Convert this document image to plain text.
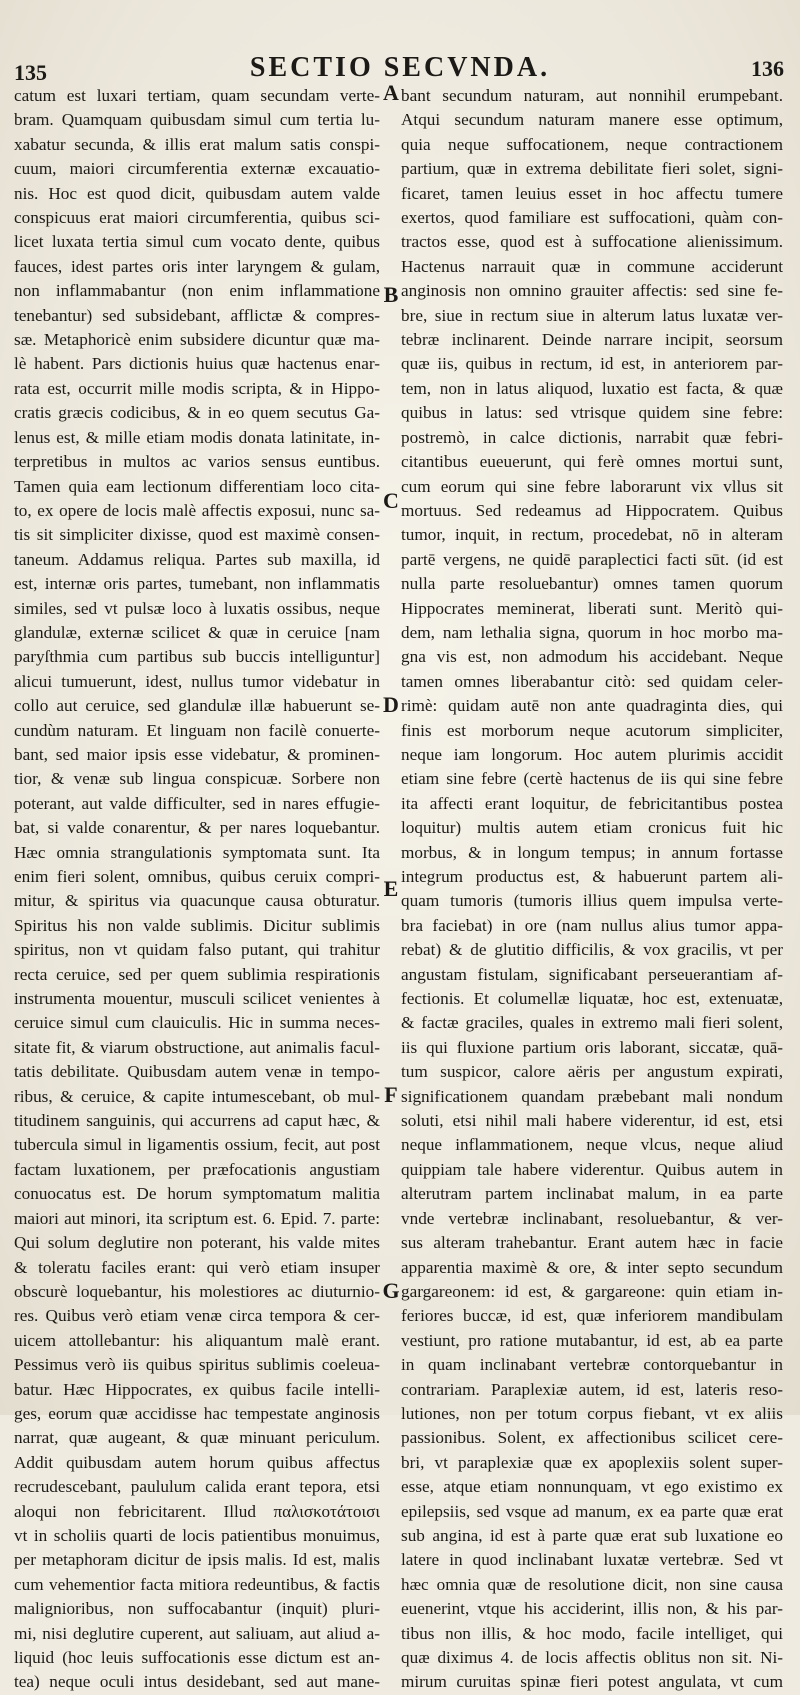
135	SECTIO SECVNDA.	136
catum est luxari tertiam, quam secundam verte-
bram. Quamquam quibusdam simul cum tertia lu-
xabatur secunda, & illis erat malum satis conspi-
cuum, maiori circumferentia externæ excauatio-
nis. Hoc est quod dicit, quibusdam autem valde
conspicuus erat maiori circumferentia, quibus sci-
licet luxata tertia simul cum vocato dente, quibus
fauces, idest partes oris inter laryngem & gulam,
non inflammabantur (non enim inflammatione
tenebantur) sed subsidebant, afflictæ & compres-
sæ. Metaphoricè enim subsidere dicuntur quæ ma-
lè habent. Pars dictionis huius quæ hactenus enar-
rata est, occurrit mille modis scripta, & in Hippo-
cratis græcis codicibus, & in eo quem secutus Ga-
lenus est, & mille etiam modis donata latinitate, in-
terpretibus in multos ac varios sensus euntibus.
Tamen quia eam lectionum differentiam loco cita-
to, ex opere de locis malè affectis exposui, nunc sa-
tis sit simpliciter dixisse, quod est maximè consen-
taneum. Addamus reliqua. Partes sub maxilla, id
est, internæ oris partes, tumebant, non inflammatis
similes, sed vt pulsæ loco à luxatis ossibus, neque
glandulæ, externæ scilicet & quæ in ceruice [nam
paryſthmia cum partibus sub buccis intelliguntur]
alicui tumuerunt, idest, nullus tumor videbatur in
collo aut ceruice, sed glandulæ illæ habuerunt se-
cundùm naturam. Et linguam non facilè conuerte-
bant, sed maior ipsis esse videbatur, & prominen-
tior, & venæ sub lingua conspicuæ. Sorbere non
poterant, aut valde difficulter, sed in nares effugie-
bat, si valde conarentur, & per nares loquebantur.
Hæc omnia strangulationis symptomata sunt. Ita
enim fieri solent, omnibus, quibus ceruix compri-
mitur, & spiritus via quacunque causa obturatur.
Spiritus his non valde sublimis. Dicitur sublimis
spiritus, non vt quidam falso putant, qui trahitur
recta ceruice, sed per quem sublimia respirationis
instrumenta mouentur, musculi scilicet venientes à
ceruice simul cum clauiculis. Hic in summa neces-
sitate fit, & viarum obstructione, aut animalis facul-
tatis debilitate. Quibusdam autem venæ in tempo-
ribus, & ceruice, & capite intumescebant, ob mul-
titudinem sanguinis, qui accurrens ad caput hæc, &
tubercula simul in ligamentis ossium, fecit, aut post
factam luxationem, per præfocationis angustiam
conuocatus est. De horum symptomatum malitia
maiori aut minori, ita scriptum est. 6. Epid. 7. parte:
Qui solum deglutire non poterant, his valde mites
& toleratu faciles erant: qui verò etiam insuper
obscurè loquebantur, his molestiores ac diuturnio-
res. Quibus verò etiam venæ circa tempora & cer-
uicem attollebantur: his aliquantum malè erant.
Pessimus verò iis quibus spiritus sublimis coeleua-
batur. Hæc Hippocrates, ex quibus facile intelli-
ges, eorum quæ accidisse hac tempestate anginosis
narrat, quæ augeant, & quæ minuant periculum.
Addit quibusdam autem horum quibus affectus
recrudescebant, paululum calida erant tepora, etsi
aloqui non febricitarent. Illud παλισκοτάτοισι
vt in scholiis quarti de locis patientibus monuimus,
per metaphoram dicitur de ipsis malis. Id est, malis
cum vehementior facta mitiora redeuntibus, & factis
malignioribus, non suffocabantur (inquit) pluri-
mi, nisi deglutire cuperent, aut saliuam, aut aliud a-
liquid (hoc leuis suffocationis esse dictum est an-
tea) neque oculi intus desidebant, sed aut mane-
bant secundum naturam, aut nonnihil erumpebant.
Atqui secundum naturam manere esse optimum,
quia neque suffocationem, neque contractionem
partium, quæ in extrema debilitate fieri solet, signi-
ficaret, tamen leuius esset in hoc affectu tumere
exertos, quod familiare est suffocationi, quàm con-
tractos esse, quod est à suffocatione alienissimum.
Hactenus narrauit quæ in commune acciderunt
anginosis non omnino grauiter affectis: sed sine fe-
bre, siue in rectum siue in alterum latus luxatæ ver-
tebræ inclinarent. Deinde narrare incipit, seorsum
quæ iis, quibus in rectum, id est, in anteriorem par-
tem, non in latus aliquod, luxatio est facta, & quæ
quibus in latus: sed vtrisque quidem sine febre:
postremò, in calce dictionis, narrabit quæ febri-
citantibus eueuerunt, qui ferè omnes mortui sunt,
cum eorum qui sine febre laborarunt vix vllus sit
mortuus. Sed redeamus ad Hippocratem. Quibus
tumor, inquit, in rectum, procedebat, nō in alteram
partē vergens, ne quidē paraplectici facti sūt. (id est
nulla parte resoluebantur) omnes tamen quorum
Hippocrates meminerat, liberati sunt. Meritò qui-
dem, nam lethalia signa, quorum in hoc morbo ma-
gna vis est, non admodum his accidebant. Neque
tamen omnes liberabantur citò: sed quidam celer-
rimè: quidam autē non ante quadraginta dies, qui
finis est morborum neque acutorum simpliciter,
neque iam longorum. Hoc autem plurimis accidit
etiam sine febre (certè hactenus de iis qui sine febre
ita affecti erant loquitur, de febricitantibus postea
loquitur) multis autem etiam cronicus fuit hic
morbus, & in longum tempus; in annum fortasse
integrum productus est, & habuerunt partem ali-
quam tumoris (tumoris illius quem impulsa verte-
bra faciebat) in ore (nam nullus alius tumor appa-
rebat) & de glutitio difficilis, & vox gracilis, vt per
angustam fistulam, significabant perseuerantiam af-
fectionis. Et columellæ liquatæ, hoc est, extenuatæ,
& factæ graciles, quales in extremo mali fieri solent,
iis qui fluxione partium oris laborant, siccatæ, quā-
tum suspicor, calore aëris per angustum expirati,
significationem quandam præbebant mali nondum
soluti, etsi nihil mali habere viderentur, id est, etsi
neque inflammationem, neque vlcus, neque aliud
quippiam tale habere viderentur. Quibus autem in
alterutram partem inclinabat malum, in ea parte
vnde vertebræ inclinabant, resoluebantur, & ver-
sus alteram trahebantur. Erant autem hæc in facie
apparentia maximè & ore, & inter septo secundum
gargareonem: id est, & gargareone: quin etiam in-
feriores buccæ, id est, quæ inferiorem mandibulam
vestiunt, pro ratione mutabantur, id est, ab ea parte
in quam inclinabant vertebræ contorquebantur in
contrariam. Paraplexiæ autem, id est, lateris reso-
lutiones, non per totum corpus fiebant, vt ex aliis
passionibus. Solent, ex affectionibus scilicet cere-
bri, vt paraplexiæ quæ ex apoplexiis solent super-
esse, atque etiam nonnunquam, vt ego existimo ex
epilepsiis, sed vsque ad manum, ex ea parte quæ erat
sub angina, id est à parte quæ erat sub luxatione eo
latere in quod inclinabant luxatæ vertebræ. Sed vt
hæc omnia quæ de resolutione dicit, non sine causa
euenerint, vtque his acciderint, illis non, & his par-
tibus non illis, & hoc modo, facile intelliget, qui
quæ diximus 4. de locis affectis oblitus non sit. Ni-
mirum curuitas spinæ fieri potest angulata, vt cum
A
B
C
D
E
F
G
